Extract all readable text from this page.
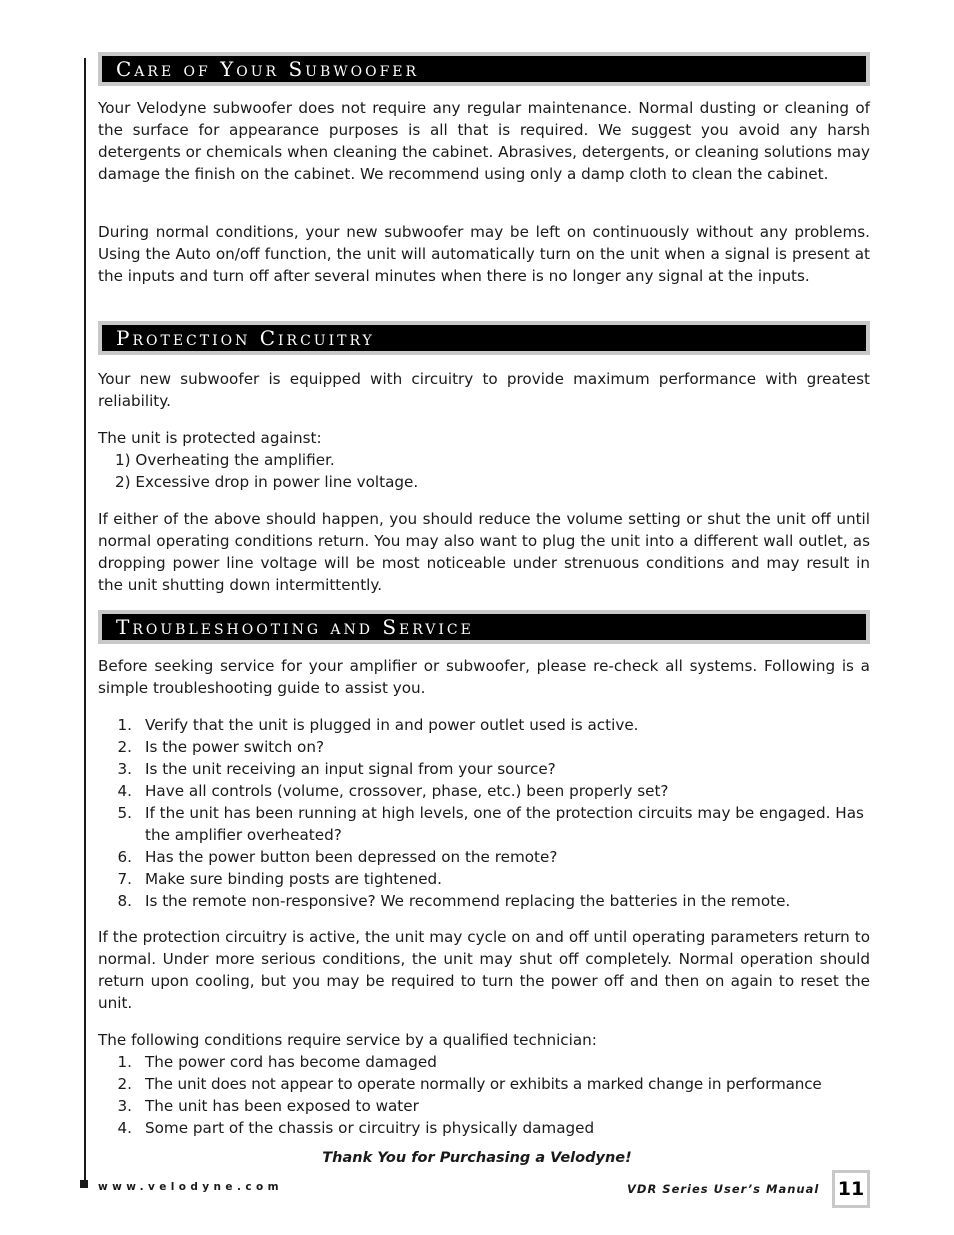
Care of Your Subwoofer

Your Velodyne subwoofer does not require any regular maintenance. Normal dusting or cleaning of the surface for appearance purposes is all that is required. We suggest you avoid any harsh detergents or chemicals when cleaning the cabinet. Abrasives, detergents, or cleaning solutions may damage the finish on the cabinet. We recommend using only a damp cloth to clean the cabinet.

During normal conditions, your new subwoofer may be left on continuously without any problems. Using the Auto on/off function, the unit will automatically turn on the unit when a signal is present at the inputs and turn off after several minutes when there is no longer any signal at the inputs.

Protection Circuitry

Your new subwoofer is equipped with circuitry to provide maximum performance with greatest reliability.

The unit is protected against:

1) Overheating the amplifier.
2) Excessive drop in power line voltage.

If either of the above should happen, you should reduce the volume setting or shut the unit off until normal operating conditions return. You may also want to plug the unit into a different wall outlet, as dropping power line voltage will be most noticeable under strenuous conditions and may result in the unit shutting down intermittently.

Troubleshooting and Service

Before seeking service for your amplifier or subwoofer, please re-check all systems. Following is a simple troubleshooting guide to assist you.

1. Verify that the unit is plugged in and power outlet used is active.
2. Is the power switch on?
3. Is the unit receiving an input signal from your source?
4. Have all controls (volume, crossover, phase, etc.) been properly set?
5. If the unit has been running at high levels, one of the protection circuits may be engaged. Has the amplifier overheated?
6. Has the power button been depressed on the remote?
7. Make sure binding posts are tightened.
8. Is the remote non-responsive? We recommend replacing the batteries in the remote.

If the protection circuitry is active, the unit may cycle on and off until operating parameters return to normal. Under more serious conditions, the unit may shut off completely. Normal operation should return upon cooling, but you may be required to turn the power off and then on again to reset the unit.

The following conditions require service by a qualified technician:

1. The power cord has become damaged
2. The unit does not appear to operate normally or exhibits a marked change in performance
3. The unit has been exposed to water
4. Some part of the chassis or circuitry is physically damaged
Thank You for Purchasing a Velodyne!
www.velodyne.com	VDR Series User’s Manual 11
